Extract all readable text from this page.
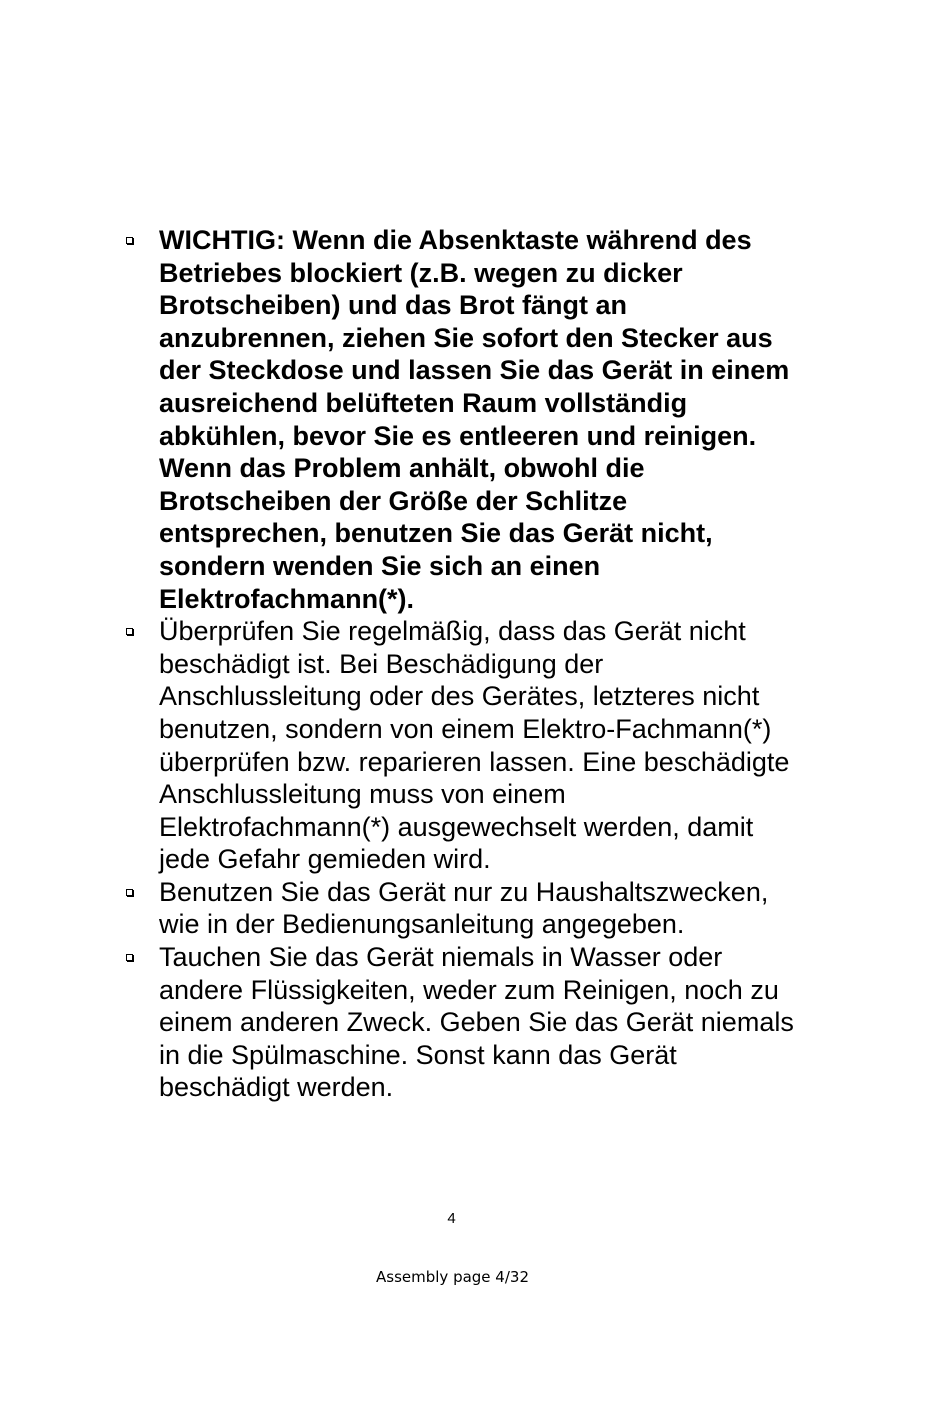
WICHTIG: Wenn die Absenktaste während des Betriebes blockiert (z.B. wegen zu dicker Brotscheiben) und das Brot fängt an anzubrennen, ziehen Sie sofort den Stecker aus der Steckdose und lassen Sie das Gerät in einem ausreichend belüfteten Raum vollständig abkühlen, bevor Sie es entleeren und reinigen. Wenn das Problem anhält, obwohl die Brotscheiben der Größe der Schlitze entsprechen, benutzen Sie das Gerät nicht, sondern wenden Sie sich an einen Elektrofachmann(*).
Überprüfen Sie regelmäßig, dass das Gerät nicht beschädigt ist. Bei Beschädigung der Anschlussleitung oder des Gerätes, letzteres nicht benutzen, sondern von einem Elektro-Fachmann(*) überprüfen bzw. reparieren lassen. Eine beschädigte Anschlussleitung muss von einem Elektrofachmann(*) ausgewechselt werden, damit jede Gefahr gemieden wird.
Benutzen Sie das Gerät nur zu Haushaltszwecken, wie in der Bedienungsanleitung angegeben.
Tauchen Sie das Gerät niemals in Wasser oder andere Flüssigkeiten, weder zum Reinigen, noch zu einem anderen Zweck. Geben Sie das Gerät niemals in die Spülmaschine. Sonst kann das Gerät beschädigt werden.
4
Assembly page 4/32
